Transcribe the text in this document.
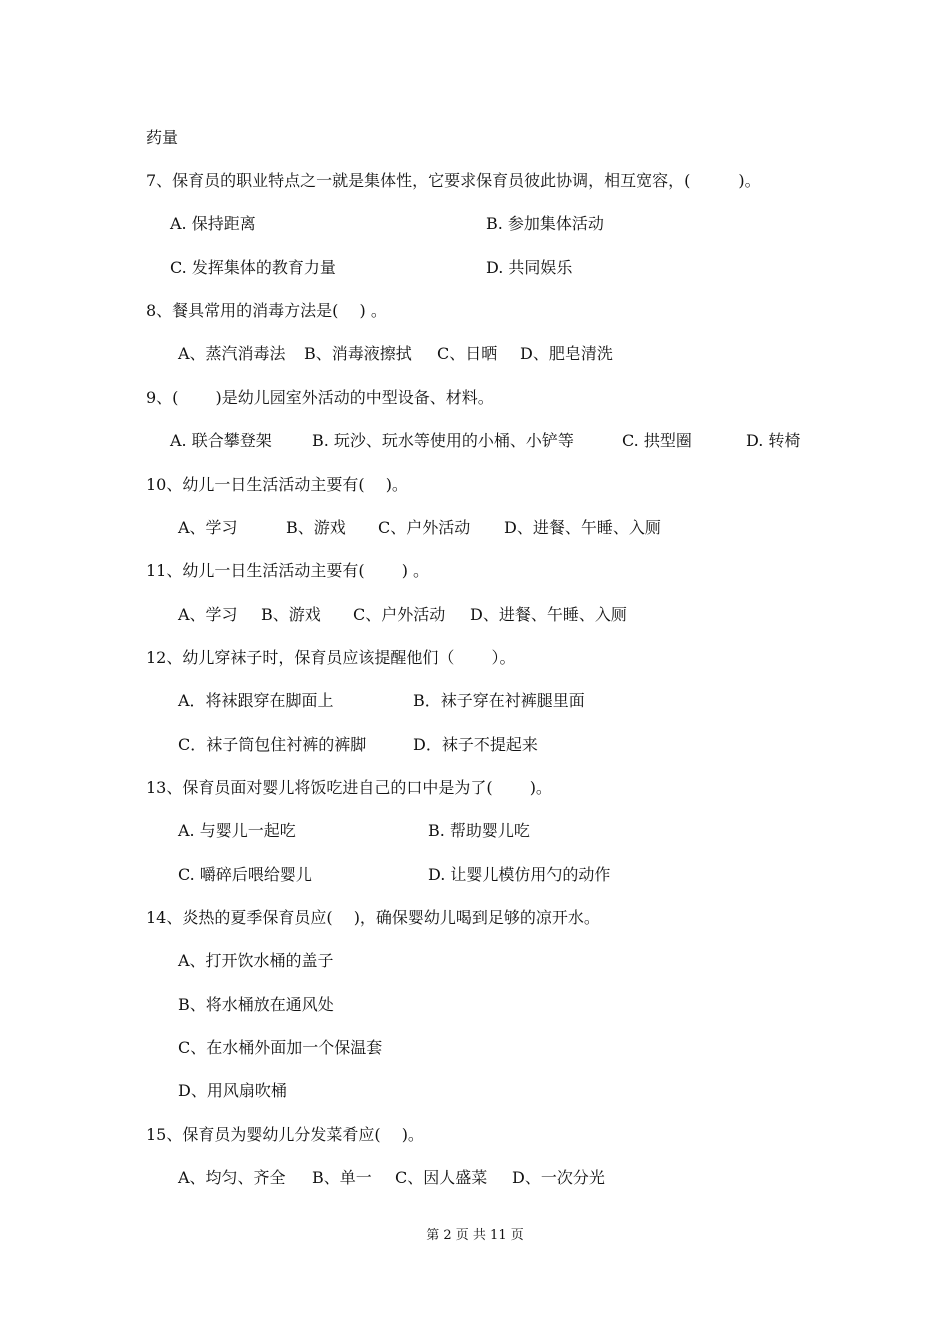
药量
7、保育员的职业特点之一就是集体性，它要求保育员彼此协调，相互宽容，(　　　)。
A. 保持距离	B. 参加集体活动
C. 发挥集体的教育力量	D. 共同娱乐
8、餐具常用的消毒方法是(　 ) 。
A、蒸汽消毒法 B、消毒液擦拭 C、日晒 D、肥皂清洗
9、(　　 )是幼儿园室外活动的中型设备、材料。
A. 联合攀登架	B. 玩沙、玩水等使用的小桶、小铲等	C. 拱型圈	D. 转椅
10、幼儿一日生活活动主要有(　 )。
A、学习	B、游戏 C、户外活动 D、进餐、午睡、入厕
11、幼儿一日生活活动主要有(　　 ) 。
A、学习 B、游戏 C、户外活动 D、进餐、午睡、入厕
12、幼儿穿袜子时，保育员应该提醒他们（　　 ）。
A．将袜跟穿在脚面上	B．袜子穿在衬裤腿里面
C．袜子筒包住衬裤的裤脚	D．袜子不提起来
13、保育员面对婴儿将饭吃进自己的口中是为了(　　 )。
A. 与婴儿一起吃	B. 帮助婴儿吃
C. 嚼碎后喂给婴儿	D. 让婴儿模仿用勺的动作
14、炎热的夏季保育员应(　 )，确保婴幼儿喝到足够的凉开水。
A、打开饮水桶的盖子
B、将水桶放在通风处
C、在水桶外面加一个保温套
D、用风扇吹桶
15、保育员为婴幼儿分发菜肴应(　 )。
A、均匀、齐全 B、单一 C、因人盛菜 D、一次分光
第 2 页 共 11 页
